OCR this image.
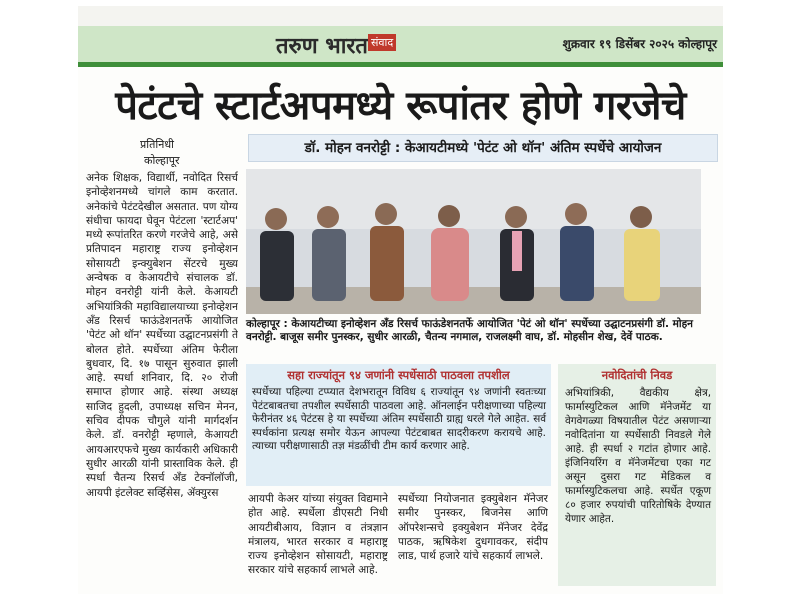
तरुण भारत संवाद	शुक्रवार १९ डिसेंबर २०२५ कोल्हापूर
पेटंटचे स्टार्टअपमध्ये रूपांतर होणे गरजेचे
प्रतिनिधी
कोल्हापूर
अनेक शिक्षक, विद्यार्थी, नवोदित रिसर्च इनोव्हेशनमध्ये चांगले काम करतात. अनेकांचे पेटंटदेखील असतात. पण योग्य संधीचा फायदा घेवून पेटंटला 'स्टार्टअप' मध्ये रूपांतरित करणे गरजेचे आहे, असे प्रतिपादन महाराष्ट्र राज्य इनोव्हेशन सोसायटी इन्क्युबेशन सेंटरचे मुख्य अन्वेषक व केआयटीचे संचालक डॉ. मोहन वनरोट्टी यांनी केले. केआयटी अभियांत्रिकी महाविद्यालयाच्या इनोव्हेशन अँड रिसर्च फाऊंडेशनतर्फे आयोजित 'पेटंट ओ थॉन' स्पर्धेच्या उद्घाटनप्रसंगी ते बोलत होते. स्पर्धेच्या अंतिम फेरीला बुधवार, दि. १७ पासून सुरुवात झाली आहे. स्पर्धा शनिवार, दि. २० रोजी समाप्त होणार आहे. संस्था अध्यक्ष साजिद हुदली, उपाध्यक्ष सचिन मेनन, सचिव दीपक चौगुले यांनी मार्गदर्शन केले. डॉ. वनरोट्टी म्हणाले, केआयटी आयआरएफचे मुख्य कार्यकारी अधिकारी सुधीर आरळी यांनी प्रास्ताविक केले. ही स्पर्धा चैतन्य रिसर्च अँड टेक्नॉलॉजी, आयपी इंटलेक्ट सर्व्हिसेस, ॲक्युरस
डॉ. मोहन वनरोट्टी : केआयटीमध्ये 'पेटंट ओ थॉन' अंतिम स्पर्धेचे आयोजन
कोल्हापूर : केआयटीच्या इनोव्हेशन अँड रिसर्च फाऊंडेशनतर्फे आयोजित 'पेटं ओ थॉन' स्पर्धेच्या उद्घाटनप्रसंगी डॉ. मोहन वनरोट्टी. बाजूस समीर पुनस्कर, सुधीर आरळी, चैतन्य नगमाल, राजलक्ष्मी वाघ, डॉ. मोहसीन शेख, देवें पाठक.
सहा राज्यांतून ९४ जणांनी स्पर्धेसाठी पाठवला तपशील
स्पर्धेच्या पहिल्या टप्प्यात देशभरातून विविध ६ राज्यांतून ९४ जणांनी स्वतःच्या पेटंटबाबतचा तपशील स्पर्धेसाठी पाठवला आहे. ऑनलाईन परीक्षणाच्या पहिल्या फेरीनंतर ४६ पेटंटस हे या स्पर्धेच्या अंतिम स्पर्धेसाठी ग्राह्य धरले गेले आहेत. सर्व स्पर्धकांना प्रत्यक्ष समोर येऊन आपल्या पेटंटबाबत सादरीकरण करायचे आहे. त्याच्या परीक्षणासाठी तज्ञ मंडळींची टीम कार्य करणार आहे.
आयपी केअर यांच्या संयुक्त विद्यमाने होत आहे. स्पर्धेला डीएसटी निधी आयटीबीआय, विज्ञान व तंत्रज्ञान मंत्रालय, भारत सरकार व महाराष्ट्र राज्य इनोव्हेशन सोसायटी, महाराष्ट्र सरकार यांचे सहकार्य लाभले आहे.
स्पर्धेच्या नियोजनात इक्युबेशन मॅनेजर समीर पुनस्कर, बिजनेस आणि ऑपरेशन्सचे इक्युबेशन मॅनेजर देवेंद्र पाठक, ऋषिकेश दुधगावकर, संदीप लाड, पार्थ हजारे यांचे सहकार्य लाभले.
नवोदितांची निवड
अभियांत्रिकी, वैद्यकीय क्षेत्र, फार्मास्युटिकल आणि मॅनेजमेंट या वेगवेगळ्या विषयातील पेटंट असणाऱ्या नवोदितांना या स्पर्धेसाठी निवडले गेले आहे. ही स्पर्धा २ गटांत होणार आहे. इंजिनियरिंग व मॅनेजमेंटचा एका गट असून दुसरा गट मेडिकल व फार्मास्युटिकलचा आहे. स्पर्धेत एकूण ८० हजार रुपयांची पारितोषिके देण्यात येणार आहेत.
